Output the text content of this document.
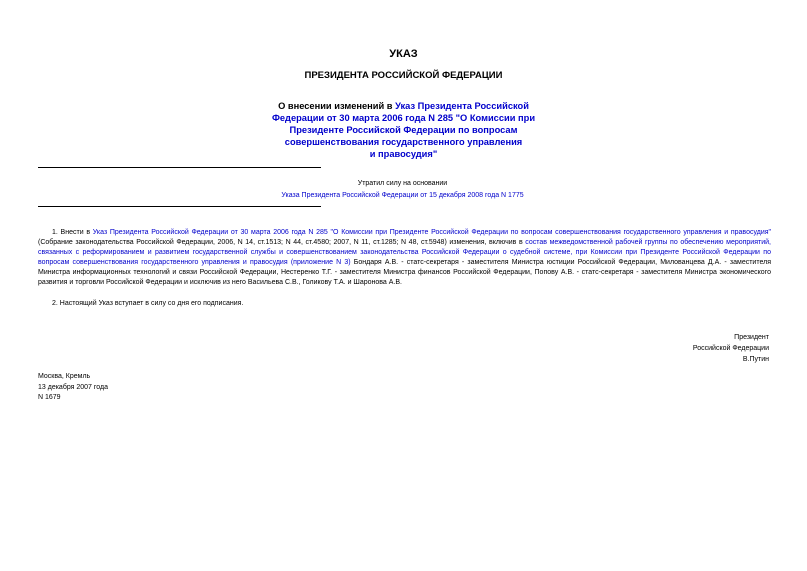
УКАЗ
ПРЕЗИДЕНТА РОССИЙСКОЙ ФЕДЕРАЦИИ
О внесении изменений в Указ Президента Российской
Федерации от 30 марта 2006 года N 285 "О Комиссии при
Президенте Российской Федерации по вопросам
совершенствования государственного управления
и правосудия"
Утратил силу на основании
Указа Президента Российской Федерации от 15 декабря 2008 года N 1775
1. Внести в Указ Президента Российской Федерации от 30 марта 2006 года N 285 "О Комиссии при Президенте Российской Федерации по вопросам совершенствования государственного управления и правосудия" (Собрание законодательства Российской Федерации, 2006, N 14, ст.1513; N 44, ст.4580; 2007, N 11, ст.1285; N 48, ст.5948) изменения, включив в состав межведомственной рабочей группы по обеспечению мероприятий, связанных с реформированием и развитием государственной службы и совершенствованием законодательства Российской Федерации о судебной системе, при Комиссии при Президенте Российской Федерации по вопросам совершенствования государственного управления и правосудия (приложение N 3) Бондаря А.В. - статс-секретаря - заместителя Министра юстиции Российской Федерации, Милованцева Д.А. - заместителя Министра информационных технологий и связи Российской Федерации, Нестеренко Т.Г. - заместителя Министра финансов Российской Федерации, Попову А.В. - статс-секретаря - заместителя Министра экономического развития и торговли Российской Федерации и исключив из него Васильева С.В., Голикову Т.А. и Шаронова А.В.
2. Настоящий Указ вступает в силу со дня его подписания.
Президент
Российской Федерации
В.Путин
Москва, Кремль
13 декабря 2007 года
N 1679
